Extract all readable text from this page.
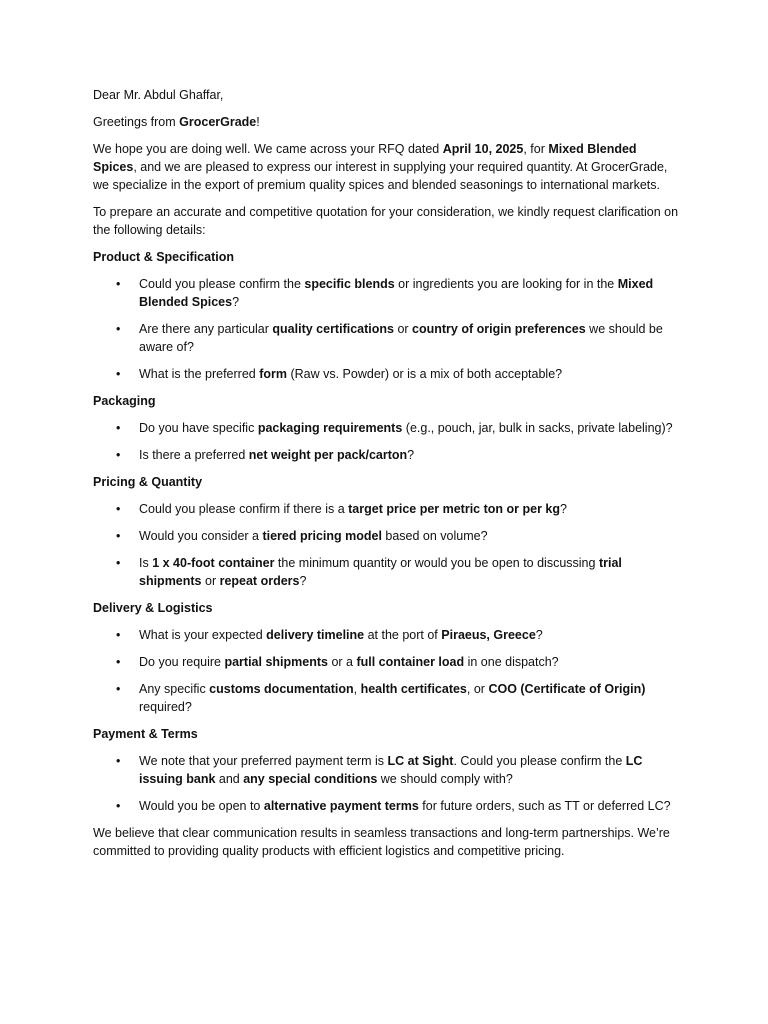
Dear Mr. Abdul Ghaffar,

Greetings from GrocerGrade!

We hope you are doing well. We came across your RFQ dated April 10, 2025, for Mixed Blended Spices, and we are pleased to express our interest in supplying your required quantity. At GrocerGrade, we specialize in the export of premium quality spices and blended seasonings to international markets.

To prepare an accurate and competitive quotation for your consideration, we kindly request clarification on the following details:

Product & Specification

• Could you please confirm the specific blends or ingredients you are looking for in the Mixed Blended Spices?
• Are there any particular quality certifications or country of origin preferences we should be aware of?
• What is the preferred form (Raw vs. Powder) or is a mix of both acceptable?

Packaging

• Do you have specific packaging requirements (e.g., pouch, jar, bulk in sacks, private labeling)?
• Is there a preferred net weight per pack/carton?

Pricing & Quantity

• Could you please confirm if there is a target price per metric ton or per kg?
• Would you consider a tiered pricing model based on volume?
• Is 1 x 40-foot container the minimum quantity or would you be open to discussing trial shipments or repeat orders?

Delivery & Logistics

• What is your expected delivery timeline at the port of Piraeus, Greece?
• Do you require partial shipments or a full container load in one dispatch?
• Any specific customs documentation, health certificates, or COO (Certificate of Origin) required?

Payment & Terms

• We note that your preferred payment term is LC at Sight. Could you please confirm the LC issuing bank and any special conditions we should comply with?
• Would you be open to alternative payment terms for future orders, such as TT or deferred LC?

We believe that clear communication results in seamless transactions and long-term partnerships. We’re committed to providing quality products with efficient logistics and competitive pricing.
